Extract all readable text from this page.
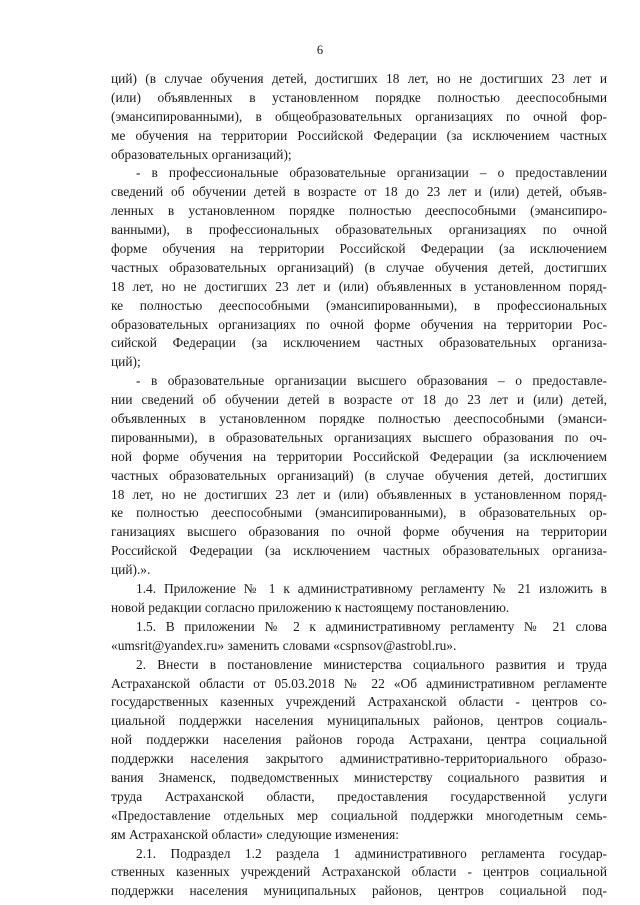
6
ций) (в случае обучения детей, достигших 18 лет, но не достигших 23 лет и
(или) объявленных в установленном порядке полностью дееспособными
(эмансипированными), в общеобразовательных организациях по очной фор-
ме обучения на территории Российской Федерации (за исключением частных
образовательных организаций);
- в профессиональные образовательные организации – о предоставлении
сведений об обучении детей в возрасте от 18 до 23 лет и (или) детей, объяв-
ленных в установленном порядке полностью дееспособными (эмансипиро-
ванными), в профессиональных образовательных организациях по очной
форме обучения на территории Российской Федерации (за исключением
частных образовательных организаций) (в случае обучения детей, достигших
18 лет, но не достигших 23 лет и (или) объявленных в установленном поряд-
ке полностью дееспособными (эмансипированными), в профессиональных
образовательных организациях по очной форме обучения на территории Рос-
сийской Федерации (за исключением частных образовательных организа-
ций);
- в образовательные организации высшего образования – о предоставле-
нии сведений об обучении детей в возрасте от 18 до 23 лет и (или) детей,
объявленных в установленном порядке полностью дееспособными (эманси-
пированными), в образовательных организациях высшего образования по оч-
ной форме обучения на территории Российской Федерации (за исключением
частных образовательных организаций) (в случае обучения детей, достигших
18 лет, но не достигших 23 лет и (или) объявленных в установленном поряд-
ке полностью дееспособными (эмансипированными), в образовательных ор-
ганизациях высшего образования по очной форме обучения на территории
Российской Федерации (за исключением частных образовательных организа-
ций).».
1.4. Приложение № 1 к административному регламенту № 21 изложить в
новой редакции согласно приложению к настоящему постановлению.
1.5. В приложении № 2 к административному регламенту № 21 слова
«umsrit@yandex.ru» заменить словами «cspnsov@astrobl.ru».
2. Внести в постановление министерства социального развития и труда
Астраханской области от 05.03.2018 № 22 «Об административном регламенте
государственных казенных учреждений Астраханской области - центров со-
циальной поддержки населения муниципальных районов, центров социаль-
ной поддержки населения районов города Астрахани, центра социальной
поддержки населения закрытого административно-территориального образо-
вания Знаменск, подведомственных министерству социального развития и
труда Астраханской области, предоставления государственной услуги
«Предоставление отдельных мер социальной поддержки многодетным семь-
ям Астраханской области» следующие изменения:
2.1. Подраздел 1.2 раздела 1 административного регламента государ-
ственных казенных учреждений Астраханской области - центров социальной
поддержки населения муниципальных районов, центров социальной под-
